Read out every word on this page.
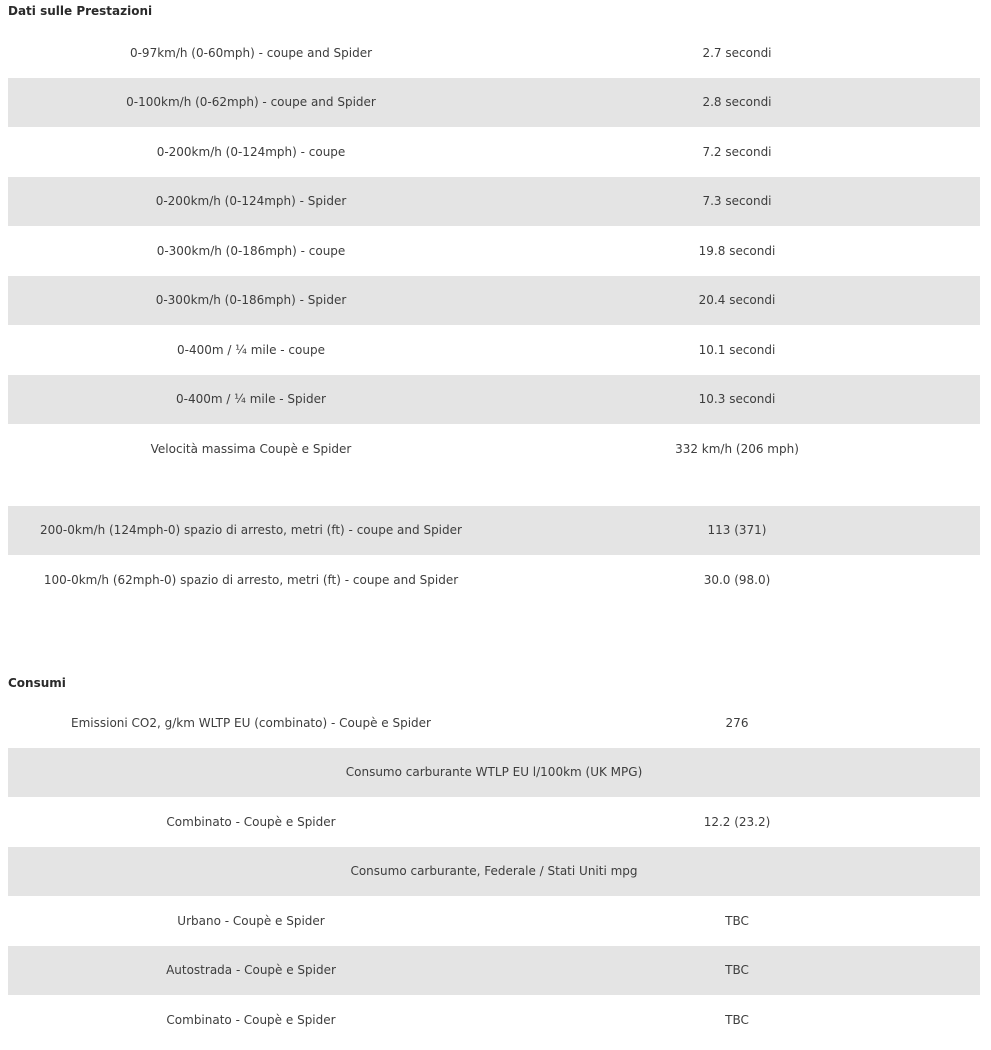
Dati sulle Prestazioni
0-97km/h (0-60mph) - coupe and Spider	2.7 secondi
0-100km/h (0-62mph) - coupe and Spider	2.8 secondi
0-200km/h (0-124mph) - coupe	7.2 secondi
0-200km/h (0-124mph) - Spider	7.3 secondi
0-300km/h (0-186mph) - coupe	19.8 secondi
0-300km/h (0-186mph) - Spider	20.4 secondi
0-400m / ¼ mile - coupe	10.1 secondi
0-400m / ¼ mile - Spider	10.3 secondi
Velocità massima Coupè e Spider	332 km/h (206 mph)

200-0km/h (124mph-0) spazio di arresto, metri (ft) - coupe and Spider	113 (371)
100-0km/h (62mph-0) spazio di arresto, metri (ft) - coupe and Spider	30.0 (98.0)
Consumi
Emissioni CO2, g/km WLTP EU (combinato) - Coupè e Spider	276
Consumo carburante WTLP EU l/100km (UK MPG)	
Combinato - Coupè e Spider	12.2 (23.2)
Consumo carburante, Federale / Stati Uniti mpg	
Urbano - Coupè e Spider	TBC
Autostrada - Coupè e Spider	TBC
Combinato - Coupè e Spider	TBC
